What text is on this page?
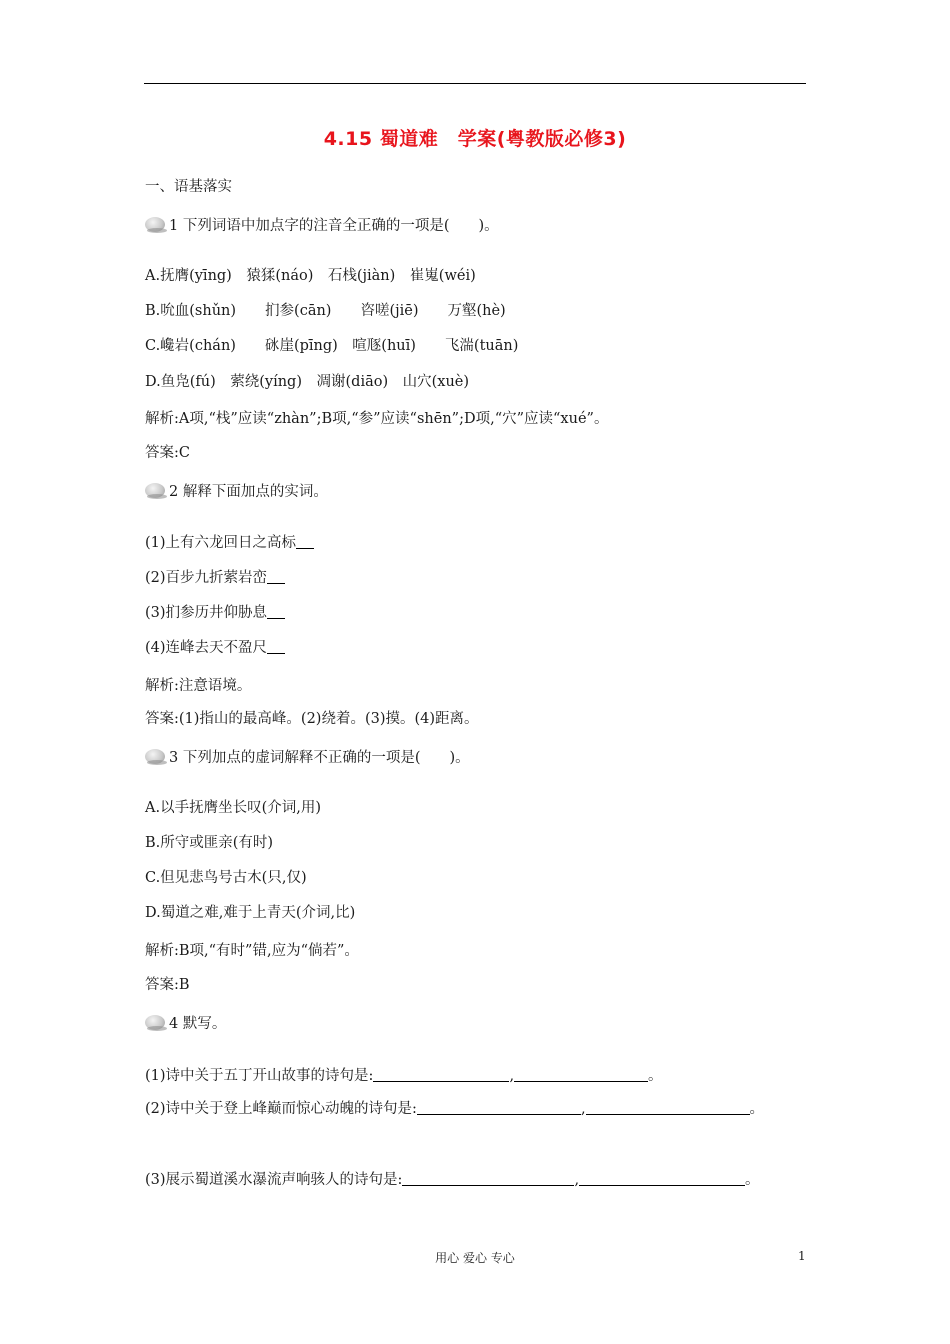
4.15 蜀道难　学案(粤教版必修3)
一、语基落实
1 下列词语中加点字的注音全正确的一项是(　　)。
A.抚膺(yīng)　猿猱(náo)　石栈(jiàn)　崔嵬(wéi)
B.吮血(shǔn)　　扪参(cān)　　咨嗟(jiē)　　万壑(hè)
C.巉岩(chán)　　砯崖(pīng)　喧豗(huī)　　飞湍(tuān)
D.鱼凫(fú)　萦绕(yíng)　凋谢(diāo)　山穴(xuè)
解析:A项,“栈”应读“zhàn”;B项,“参”应读“shēn”;D项,“穴”应读“xué”。
答案:C
2 解释下面加点的实词。
(1)上有六龙回日之高标
(2)百步九折萦岩峦
(3)扪参历井仰胁息
(4)连峰去天不盈尺
解析:注意语境。
答案:(1)指山的最高峰。(2)绕着。(3)摸。(4)距离。
3 下列加点的虚词解释不正确的一项是(　　)。
A.以手抚膺坐长叹(介词,用)
B.所守或匪亲(有时)
C.但见悲鸟号古木(只,仅)
D.蜀道之难,难于上青天(介词,比)
解析:B项,“有时”错,应为“倘若”。
答案:B
4 默写。
(1)诗中关于五丁开山故事的诗句是:	,	。
(2)诗中关于登上峰巅而惊心动魄的诗句是:	,	。
(3)展示蜀道溪水瀑流声响骇人的诗句是:	,	。
用心 爱心 专心	1
